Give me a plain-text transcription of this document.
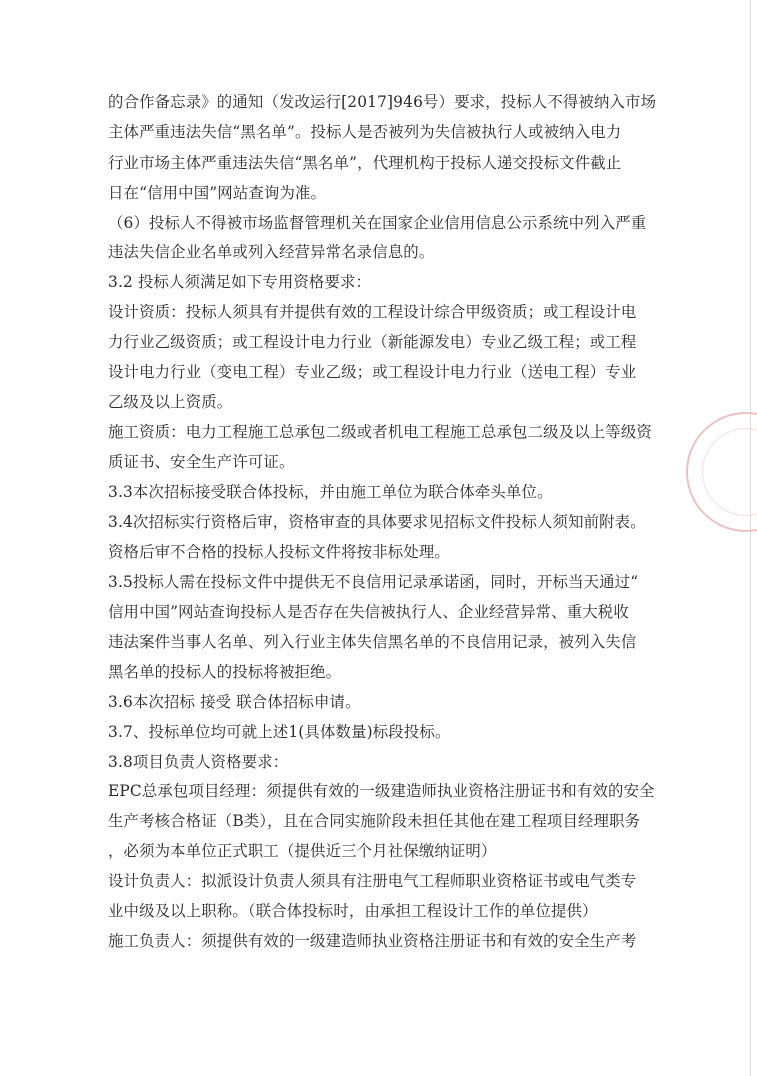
的合作备忘录》的通知（发改运行[2017]946号）要求，投标人不得被纳入市场
主体严重违法失信“黑名单”。投标人是否被列为失信被执行人或被纳入电力
行业市场主体严重违法失信“黑名单”，代理机构于投标人递交投标文件截止
日在“信用中国”网站查询为准。
（6）投标人不得被市场监督管理机关在国家企业信用信息公示系统中列入严重
违法失信企业名单或列入经营异常名录信息的。
3.2 投标人须满足如下专用资格要求：
设计资质：投标人须具有并提供有效的工程设计综合甲级资质；或工程设计电
力行业乙级资质；或工程设计电力行业（新能源发电）专业乙级工程；或工程
设计电力行业（变电工程）专业乙级；或工程设计电力行业（送电工程）专业
乙级及以上资质。
施工资质：电力工程施工总承包二级或者机电工程施工总承包二级及以上等级资
质证书、安全生产许可证。
3.3本次招标接受联合体投标，并由施工单位为联合体牵头单位。
3.4次招标实行资格后审，资格审查的具体要求见招标文件投标人须知前附表。
资格后审不合格的投标人投标文件将按非标处理。
3.5投标人需在投标文件中提供无不良信用记录承诺函，同时，开标当天通过“
信用中国”网站查询投标人是否存在失信被执行人、企业经营异常、重大税收
违法案件当事人名单、列入行业主体失信黑名单的不良信用记录，被列入失信
黑名单的投标人的投标将被拒绝。
3.6本次招标 接受 联合体招标申请。
3.7、投标单位均可就上述1(具体数量)标段投标。
3.8项目负责人资格要求：
EPC总承包项目经理：须提供有效的一级建造师执业资格注册证书和有效的安全
生产考核合格证（B类），且在合同实施阶段未担任其他在建工程项目经理职务
，必须为本单位正式职工（提供近三个月社保缴纳证明）
设计负责人：拟派设计负责人须具有注册电气工程师职业资格证书或电气类专
业中级及以上职称。（联合体投标时，由承担工程设计工作的单位提供）
施工负责人：须提供有效的一级建造师执业资格注册证书和有效的安全生产考
